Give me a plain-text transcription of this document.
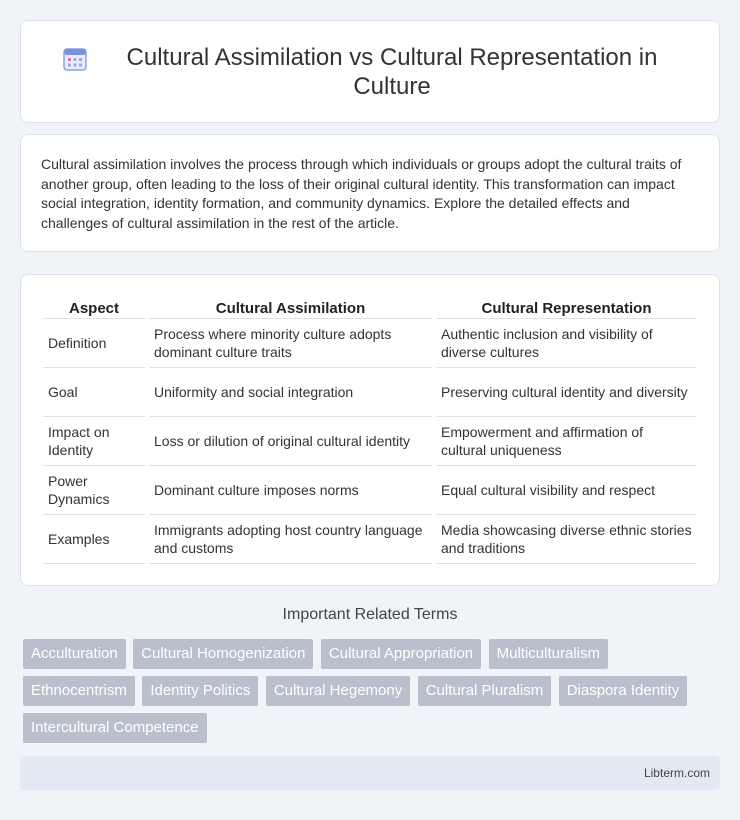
Cultural Assimilation vs Cultural Representation in Culture

Cultural assimilation involves the process through which individuals or groups adopt the cultural traits of another group, often leading to the loss of their original cultural identity. This transformation can impact social integration, identity formation, and community dynamics. Explore the detailed effects and challenges of cultural assimilation in the rest of the article.

Aspect	Cultural Assimilation	Cultural Representation
Definition	Process where minority culture adopts dominant culture traits	Authentic inclusion and visibility of diverse cultures
Goal	Uniformity and social integration	Preserving cultural identity and diversity
Impact on Identity	Loss or dilution of original cultural identity	Empowerment and affirmation of cultural uniqueness
Power Dynamics	Dominant culture imposes norms	Equal cultural visibility and respect
Examples	Immigrants adopting host country language and customs	Media showcasing diverse ethnic stories and traditions
Important Related Terms
Acculturation Cultural Homogenization Cultural Appropriation Multiculturalism Ethnocentrism Identity Politics Cultural Hegemony Cultural Pluralism Diaspora Identity Intercultural Competence
Libterm.com
